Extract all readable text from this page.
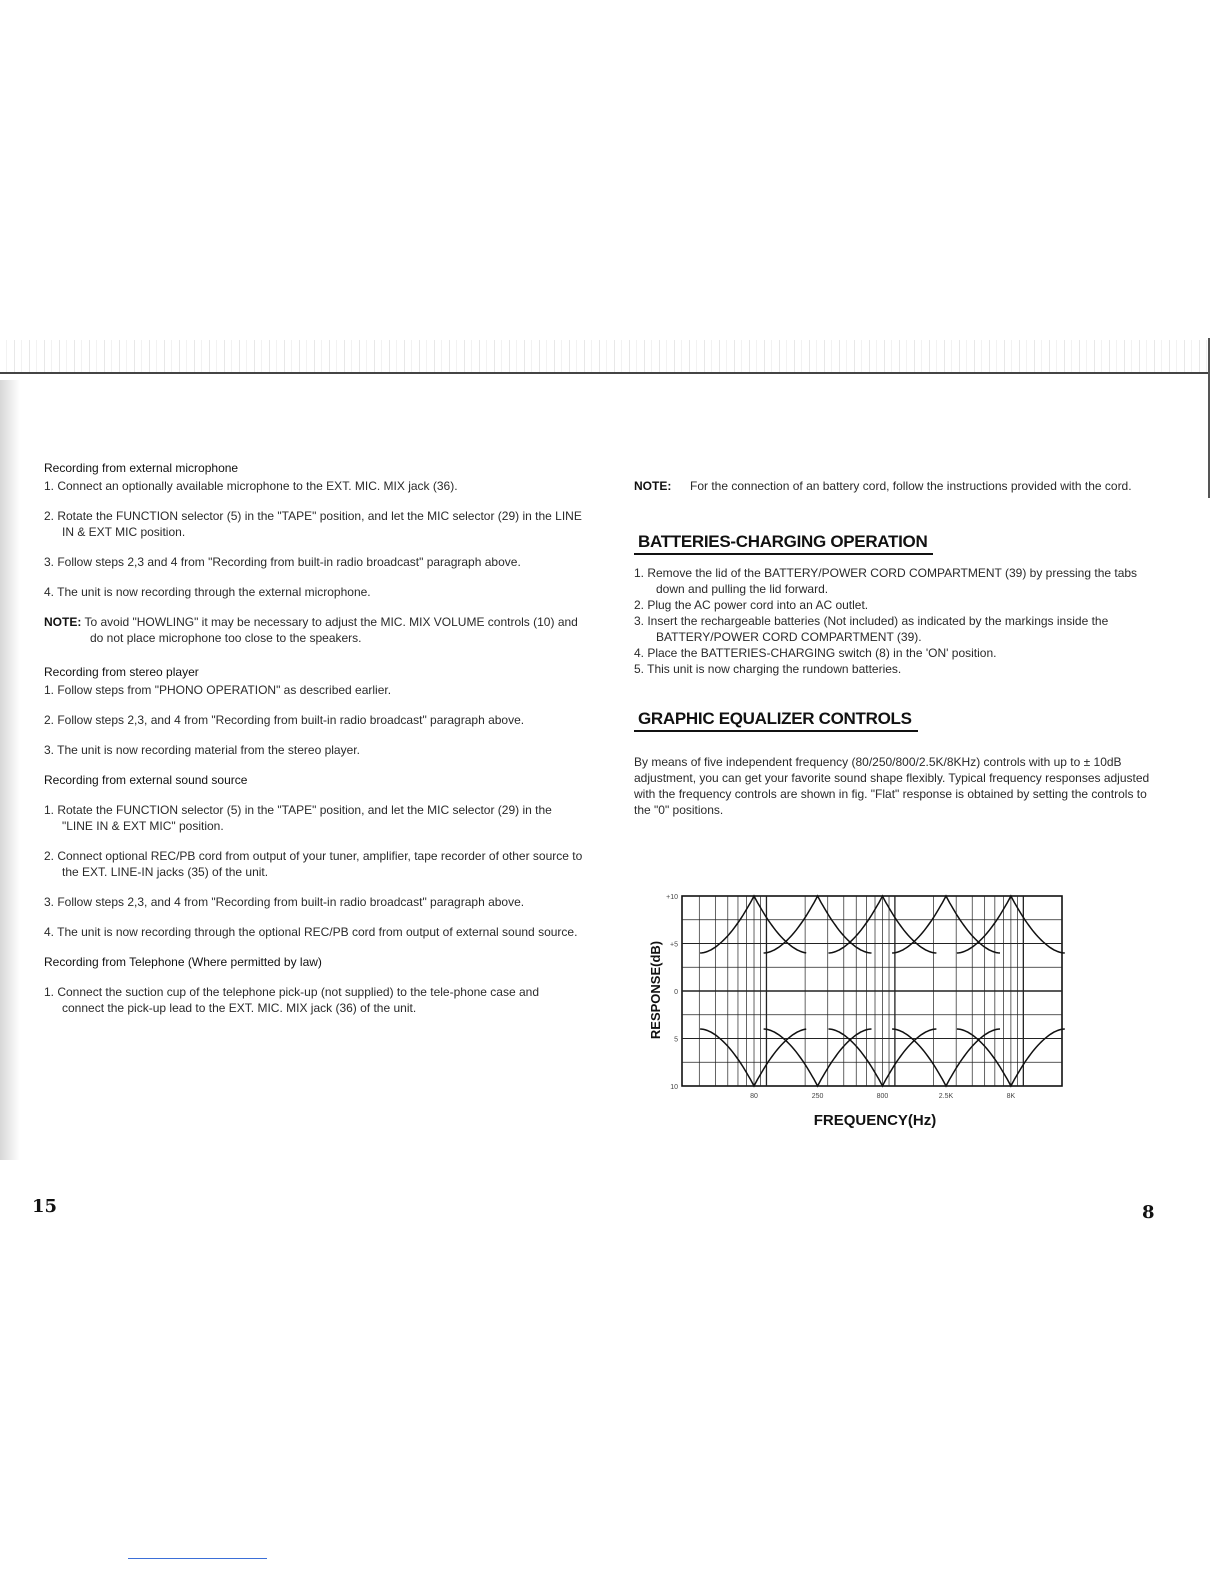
Recording from external microphone

1. Connect an optionally available microphone to the EXT. MIC. MIX jack (36).

2. Rotate the FUNCTION selector (5) in the "TAPE" position, and let the MIC selector (29) in the LINE IN & EXT MIC position.

3. Follow steps 2,3 and 4 from "Recording from built-in radio broadcast" paragraph above.

4. The unit is now recording through the external microphone.

NOTE: To avoid "HOWLING" it may be necessary to adjust the MIC. MIX VOLUME controls (10) and do not place microphone too close to the speakers.

Recording from stereo player

1. Follow steps from "PHONO OPERATION" as described earlier.

2. Follow steps 2,3, and 4 from "Recording from built-in radio broadcast" paragraph above.

3. The unit is now recording material from the stereo player.

Recording from external sound source

1. Rotate the FUNCTION selector (5) in the "TAPE" position, and let the MIC selector (29) in the "LINE IN & EXT MIC" position.

2. Connect optional REC/PB cord from output of your tuner, amplifier, tape recorder of other source to the EXT. LINE-IN jacks (35) of the unit.

3. Follow steps 2,3, and 4 from "Recording from built-in radio broadcast" paragraph above.

4. The unit is now recording through the optional REC/PB cord from output of external sound source.

Recording from Telephone (Where permitted by law)

1. Connect the suction cup of the telephone pick-up (not supplied) to the tele-phone case and connect the pick-up lead to the EXT. MIC. MIX jack (36) of the unit.

15

NOTE: For the connection of an battery cord, follow the instructions provided with the cord.

BATTERIES-CHARGING OPERATION

1. Remove the lid of the BATTERY/POWER CORD COMPARTMENT (39) by pressing the tabs down and pulling the lid forward.

2. Plug the AC power cord into an AC outlet.

3. Insert the rechargeable batteries (Not included) as indicated by the markings inside the BATTERY/POWER CORD COMPARTMENT (39).

4. Place the BATTERIES-CHARGING switch (8) in the 'ON' position.

5. This unit is now charging the rundown batteries.

GRAPHIC EQUALIZER CONTROLS

By means of five independent frequency (80/250/800/2.5K/8KHz) controls with up to ± 10dB adjustment, you can get your favorite sound shape flexibly. Typical frequency responses adjusted with the frequency controls are shown in fig. "Flat" response is obtained by setting the controls to the "0" positions.

+10
+5
0
5
10
80	250	800	2.5K	8K
RESPONSE(dB)
FREQUENCY(Hz)
8
